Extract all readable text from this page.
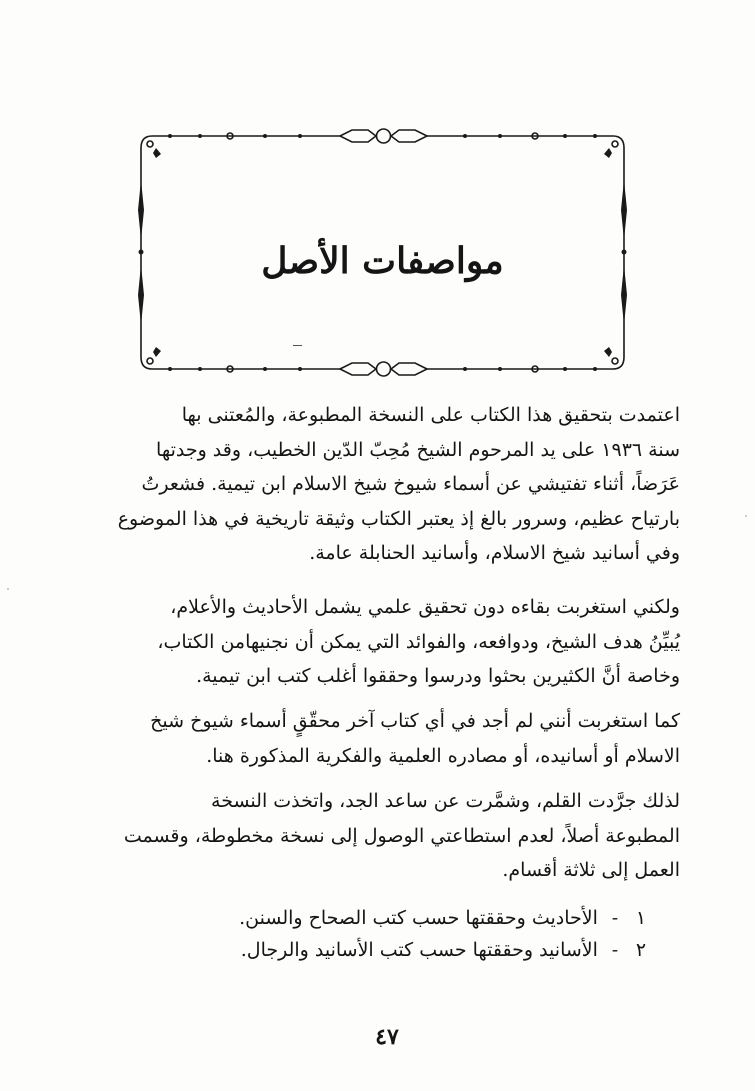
مواصفات الأصل

اعتمدت بتحقيق هذا الكتاب على النسخة المطبوعة، والمُعتنى بها

سنة ١٩٣٦ على يد المرحوم الشيخ مُحِبّ الدّين الخطيب، وقد وجدتها

عَرَضاً، أثناء تفتيشي عن أسماء شيوخ شيخ الاسلام ابن تيمية. فشعرتُ

بارتياح عظيم، وسرور بالغ إذ يعتبر الكتاب وثيقة تاريخية في هذا الموضوع

وفي أسانيد شيخ الاسلام، وأسانيد الحنابلة عامة.

ولكني استغربت بقاءه دون تحقيق علمي يشمل الأحاديث والأعلام،

يُبيِّنُ هدف الشيخ، ودوافعه، والفوائد التي يمكن أن نجنيهامن الكتاب،

وخاصة أنَّ الكثيرين بحثوا ودرسوا وحققوا أغلب كتب ابن تيمية.

كما استغربت أنني لم أجد في أي كتاب آخر محقّقٍ أسماء شيوخ شيخ

الاسلام أو أسانيده، أو مصادره العلمية والفكرية المذكورة هنا.

لذلك جرَّدت القلم، وشمَّرت عن ساعد الجد، واتخذت النسخة

المطبوعة أصلاً، لعدم استطاعتي الوصول إلى نسخة مخطوطة، وقسمت

العمل إلى ثلاثة أقسام.

١ - الأحاديث وحققتها حسب كتب الصحاح والسنن.
٢ - الأسانيد وحققتها حسب كتب الأسانيد والرجال.
٤٧
